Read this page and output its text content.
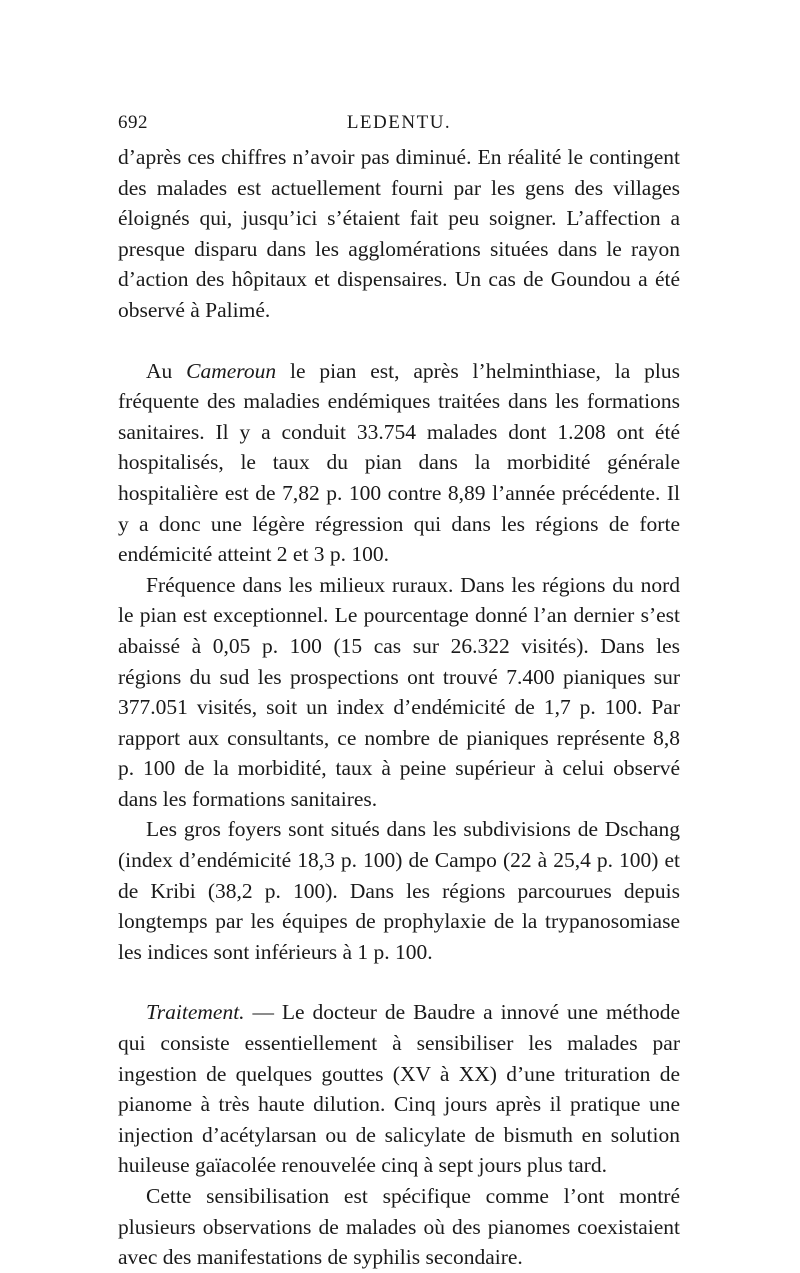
692	LEDENTU.

d’après ces chiffres n’avoir pas diminué. En réalité le contingent des malades est actuellement fourni par les gens des villages éloignés qui, jusqu’ici s’étaient fait peu soigner. L’affection a presque disparu dans les agglomérations situées dans le rayon d’action des hôpitaux et dispensaires. Un cas de Goundou a été observé à Palimé.

Au Cameroun le pian est, après l’helminthiase, la plus fréquente des maladies endémiques traitées dans les formations sanitaires. Il y a conduit 33.754 malades dont 1.208 ont été hospitalisés, le taux du pian dans la morbidité générale hospitalière est de 7,82 p. 100 contre 8,89 l’année précédente. Il y a donc une légère régression qui dans les régions de forte endémicité atteint 2 et 3 p. 100.

Fréquence dans les milieux ruraux. Dans les régions du nord le pian est exceptionnel. Le pourcentage donné l’an dernier s’est abaissé à 0,05 p. 100 (15 cas sur 26.322 visités). Dans les régions du sud les prospections ont trouvé 7.400 pianiques sur 377.051 visités, soit un index d’endémicité de 1,7 p. 100. Par rapport aux consultants, ce nombre de pianiques représente 8,8 p. 100 de la morbidité, taux à peine supérieur à celui observé dans les formations sanitaires.

Les gros foyers sont situés dans les subdivisions de Dschang (index d’endémicité 18,3 p. 100) de Campo (22 à 25,4 p. 100) et de Kribi (38,2 p. 100). Dans les régions parcourues depuis longtemps par les équipes de prophylaxie de la trypanosomiase les indices sont inférieurs à 1 p. 100.

Traitement. — Le docteur de Baudre a innové une méthode qui consiste essentiellement à sensibiliser les malades par ingestion de quelques gouttes (XV à XX) d’une trituration de pianome à très haute dilution. Cinq jours après il pratique une injection d’acétylarsan ou de salicylate de bismuth en solution huileuse gaïacolée renouvelée cinq à sept jours plus tard.

Cette sensibilisation est spécifique comme l’ont montré plusieurs observations de malades où des pianomes coexistaient avec des manifestations de syphilis secondaire.
